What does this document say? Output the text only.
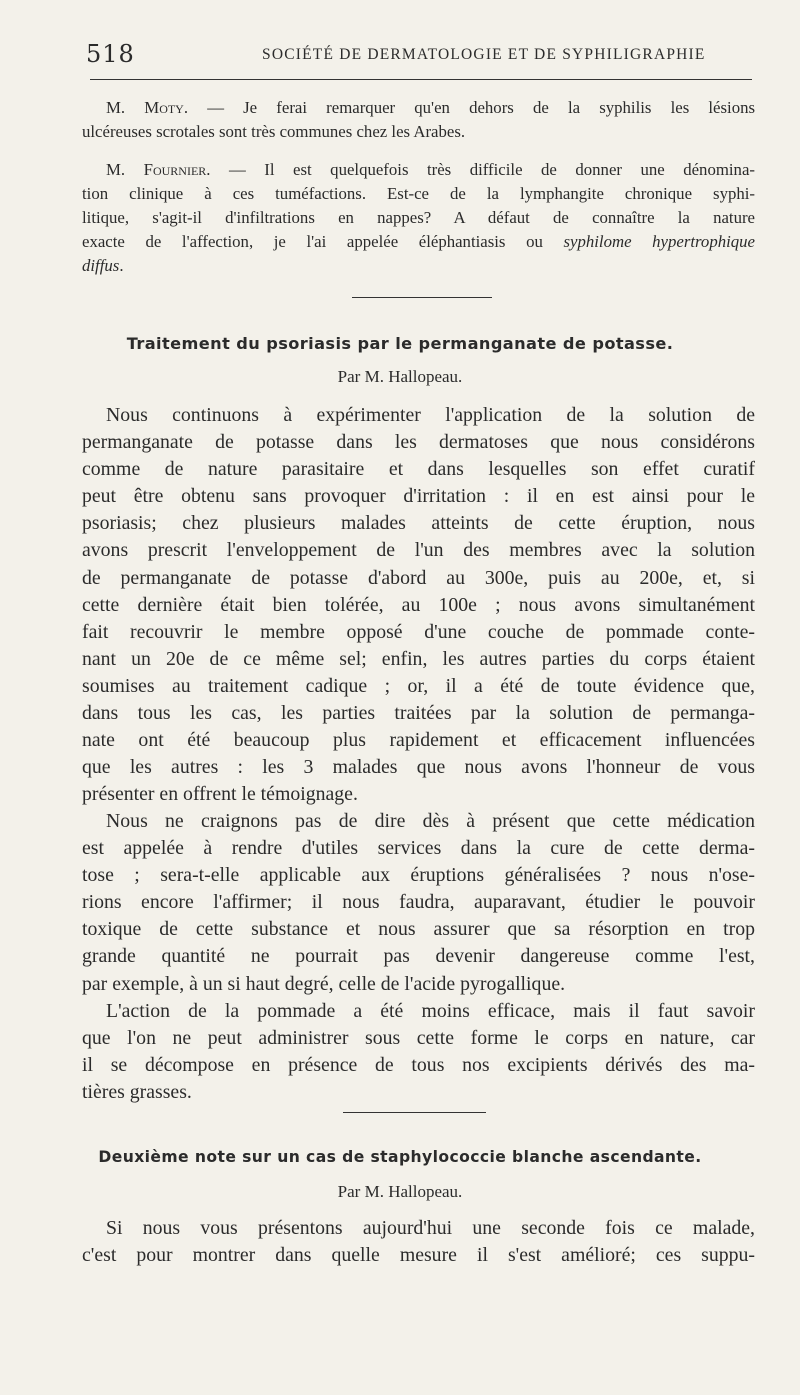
518	SOCIÉTÉ DE DERMATOLOGIE ET DE SYPHILIGRAPHIE
M. Moty. — Je ferai remarquer qu'en dehors de la syphilis les lésions
ulcéreuses scrotales sont très communes chez les Arabes.
M. Fournier. — Il est quelquefois très difficile de donner une dénomina-
tion clinique à ces tuméfactions. Est-ce de la lymphangite chronique syphi-
litique, s'agit-il d'infiltrations en nappes? A défaut de connaître la nature
exacte de l'affection, je l'ai appelée éléphantiasis ou syphilome hypertrophique
diffus.
Traitement du psoriasis par le permanganate de potasse.
Par M. Hallopeau.
Nous continuons à expérimenter l'application de la solution de
permanganate de potasse dans les dermatoses que nous considérons
comme de nature parasitaire et dans lesquelles son effet curatif
peut être obtenu sans provoquer d'irritation : il en est ainsi pour le
psoriasis; chez plusieurs malades atteints de cette éruption, nous
avons prescrit l'enveloppement de l'un des membres avec la solution
de permanganate de potasse d'abord au 300e, puis au 200e, et, si
cette dernière était bien tolérée, au 100e ; nous avons simultanément
fait recouvrir le membre opposé d'une couche de pommade conte-
nant un 20e de ce même sel; enfin, les autres parties du corps étaient
soumises au traitement cadique ; or, il a été de toute évidence que,
dans tous les cas, les parties traitées par la solution de permanga-
nate ont été beaucoup plus rapidement et efficacement influencées
que les autres : les 3 malades que nous avons l'honneur de vous
présenter en offrent le témoignage.
Nous ne craignons pas de dire dès à présent que cette médication
est appelée à rendre d'utiles services dans la cure de cette derma-
tose ; sera-t-elle applicable aux éruptions généralisées ? nous n'ose-
rions encore l'affirmer; il nous faudra, auparavant, étudier le pouvoir
toxique de cette substance et nous assurer que sa résorption en trop
grande quantité ne pourrait pas devenir dangereuse comme l'est,
par exemple, à un si haut degré, celle de l'acide pyrogallique.
L'action de la pommade a été moins efficace, mais il faut savoir
que l'on ne peut administrer sous cette forme le corps en nature, car
il se décompose en présence de tous nos excipients dérivés des ma-
tières grasses.
Deuxième note sur un cas de staphylococcie blanche ascendante.
Par M. Hallopeau.
Si nous vous présentons aujourd'hui une seconde fois ce malade,
c'est pour montrer dans quelle mesure il s'est amélioré; ces suppu-
